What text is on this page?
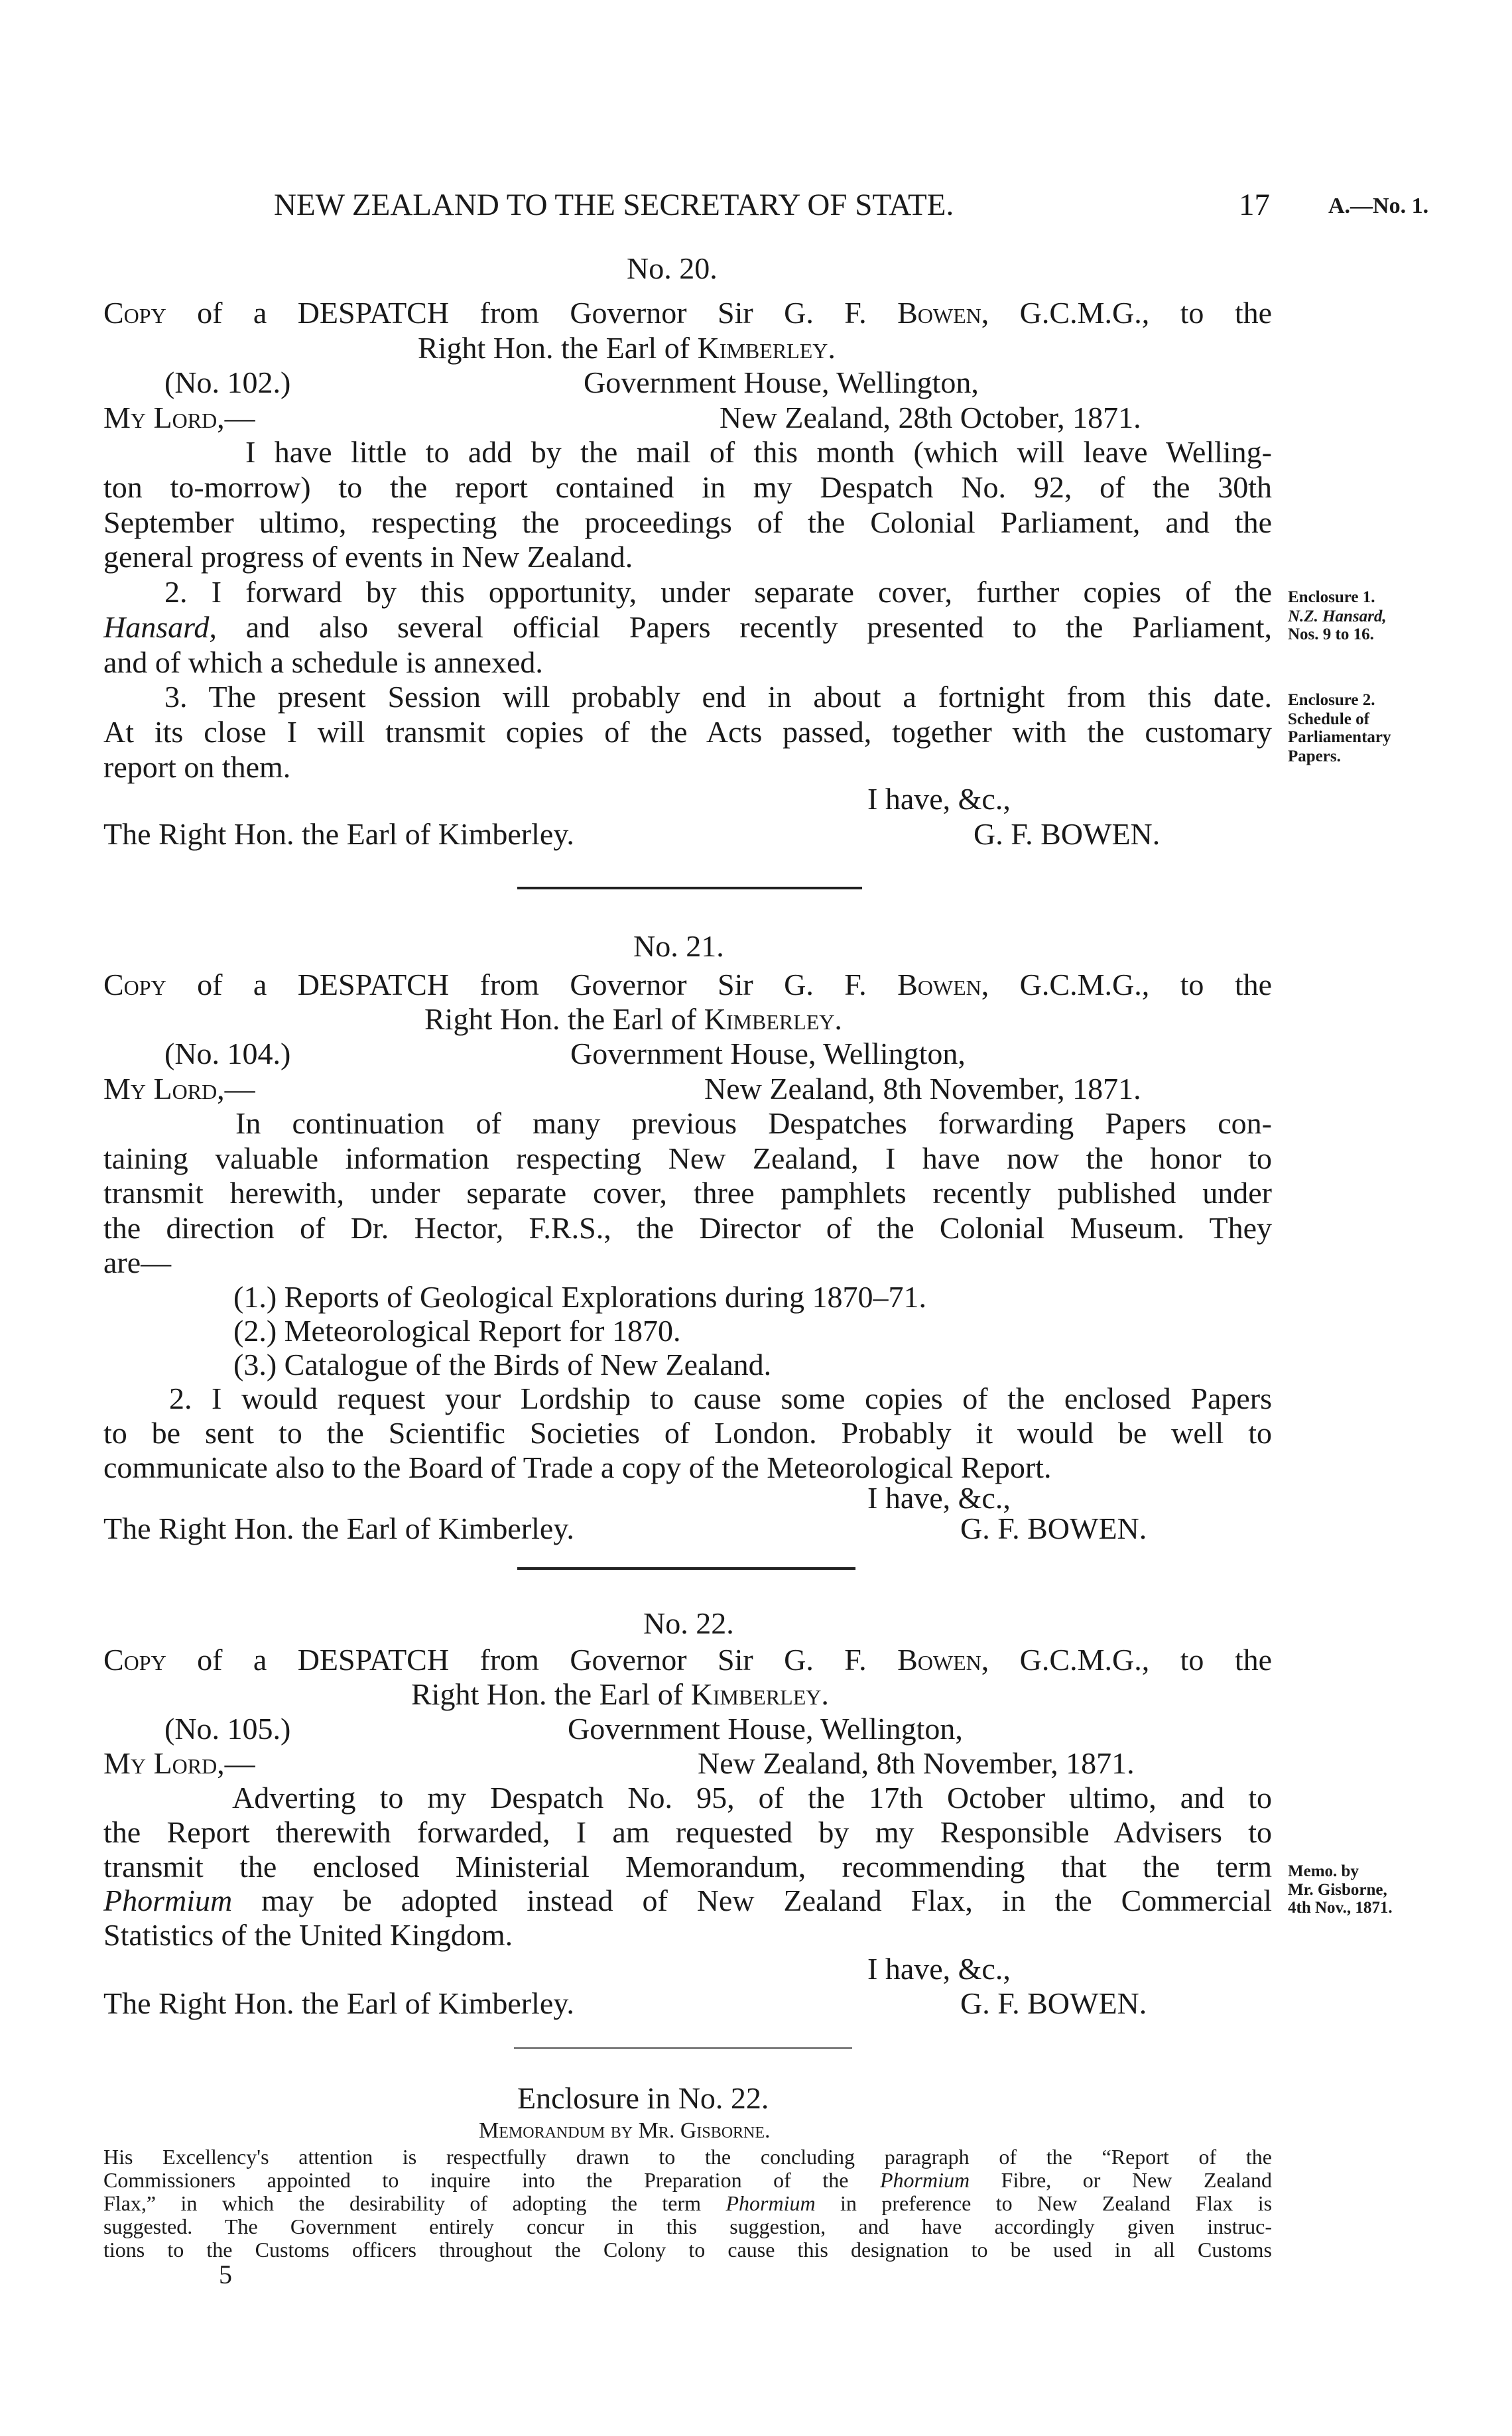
NEW ZEALAND TO THE SECRETARY OF STATE.	17	A.—No. 1.
No. 20.
Copy of a DESPATCH from Governor Sir G. F. Bowen, G.C.M.G., to the
Right Hon. the Earl of Kimberley.
(No. 102.)	Government House, Wellington,
My Lord,—	New Zealand, 28th October, 1871.
I have little to add by the mail of this month (which will leave Welling-
ton to-morrow) to the report contained in my Despatch No. 92, of the 30th
September ultimo, respecting the proceedings of the Colonial Parliament, and the
general progress of events in New Zealand.
2. I forward by this opportunity, under separate cover, further copies of the
Hansard, and also several official Papers recently presented to the Parliament,
and of which a schedule is annexed.
3. The present Session will probably end in about a fortnight from this date.
At its close I will transmit copies of the Acts passed, together with the customary
report on them.
Enclosure 1.
N.Z. Hansard,
Nos. 9 to 16.
Enclosure 2.
Schedule of
Parliamentary
Papers.
I have, &c.,
The Right Hon. the Earl of Kimberley.	G. F. BOWEN.
No. 21.
Copy of a DESPATCH from Governor Sir G. F. Bowen, G.C.M.G., to the
Right Hon. the Earl of Kimberley.
(No. 104.)	Government House, Wellington,
My Lord,—	New Zealand, 8th November, 1871.
In continuation of many previous Despatches forwarding Papers con-
taining valuable information respecting New Zealand, I have now the honor to
transmit herewith, under separate cover, three pamphlets recently published under
the direction of Dr. Hector, F.R.S., the Director of the Colonial Museum. They
are—
(1.) Reports of Geological Explorations during 1870–71.
(2.) Meteorological Report for 1870.
(3.) Catalogue of the Birds of New Zealand.
2. I would request your Lordship to cause some copies of the enclosed Papers
to be sent to the Scientific Societies of London. Probably it would be well to
communicate also to the Board of Trade a copy of the Meteorological Report.
I have, &c.,
The Right Hon. the Earl of Kimberley.	G. F. BOWEN.
No. 22.
Copy of a DESPATCH from Governor Sir G. F. Bowen, G.C.M.G., to the
Right Hon. the Earl of Kimberley.
(No. 105.)	Government House, Wellington,
My Lord,—	New Zealand, 8th November, 1871.
Adverting to my Despatch No. 95, of the 17th October ultimo, and to
the Report therewith forwarded, I am requested by my Responsible Advisers to
transmit the enclosed Ministerial Memorandum, recommending that the term
Phormium may be adopted instead of New Zealand Flax, in the Commercial
Statistics of the United Kingdom.
Memo. by
Mr. Gisborne,
4th Nov., 1871.
I have, &c.,
The Right Hon. the Earl of Kimberley.	G. F. BOWEN.
Enclosure in No. 22.
Memorandum by Mr. Gisborne.
His Excellency's attention is respectfully drawn to the concluding paragraph of the “Report of the
Commissioners appointed to inquire into the Preparation of the Phormium Fibre, or New Zealand
Flax,” in which the desirability of adopting the term Phormium in preference to New Zealand Flax is
suggested. The Government entirely concur in this suggestion, and have accordingly given instruc-
tions to the Customs officers throughout the Colony to cause this designation to be used in all Customs
5
